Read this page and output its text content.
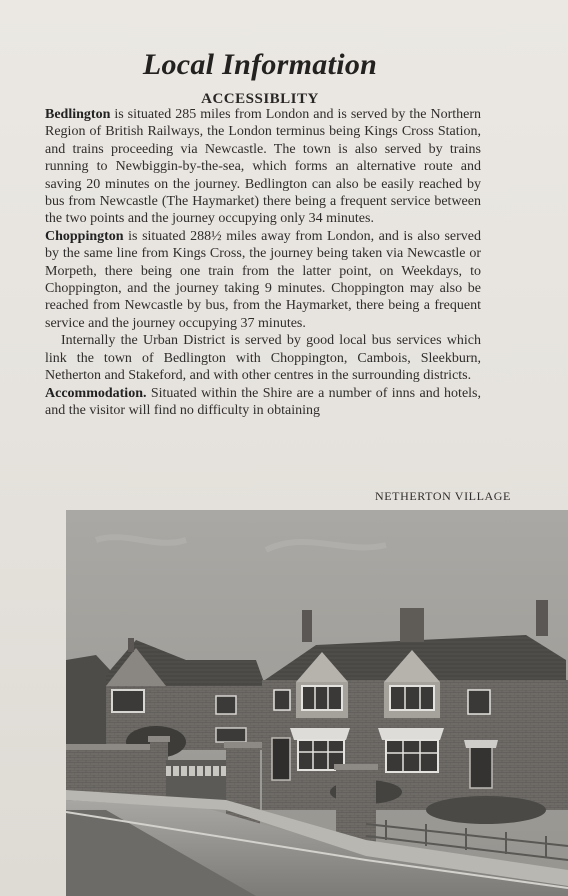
Local Information
ACCESSIBLITY

Bedlington is situated 285 miles from London and is served by the Northern Region of British Railways, the London terminus being Kings Cross Station, and trains proceeding via Newcastle. The town is also served by trains running to Newbiggin-by-the-sea, which forms an alternative route and saving 20 minutes on the journey. Bedlington can also be easily reached by bus from Newcastle (The Haymarket) there being a frequent service between the two points and the journey occupying only 34 minutes.

Choppington is situated 288½ miles away from London, and is also served by the same line from Kings Cross, the journey being taken via Newcastle or Morpeth, there being one train from the latter point, on Weekdays, to Choppington, and the journey taking 9 minutes. Choppington may also be reached from Newcastle by bus, from the Haymarket, there being a frequent service and the journey occupying 37 minutes.

Internally the Urban District is served by good local bus services which link the town of Bedlington with Choppington, Cambois, Sleekburn, Netherton and Stakeford, and with other centres in the surrounding districts.

Accommodation. Situated within the Shire are a number of inns and hotels, and the visitor will find no difficulty in obtaining

NETHERTON VILLAGE
